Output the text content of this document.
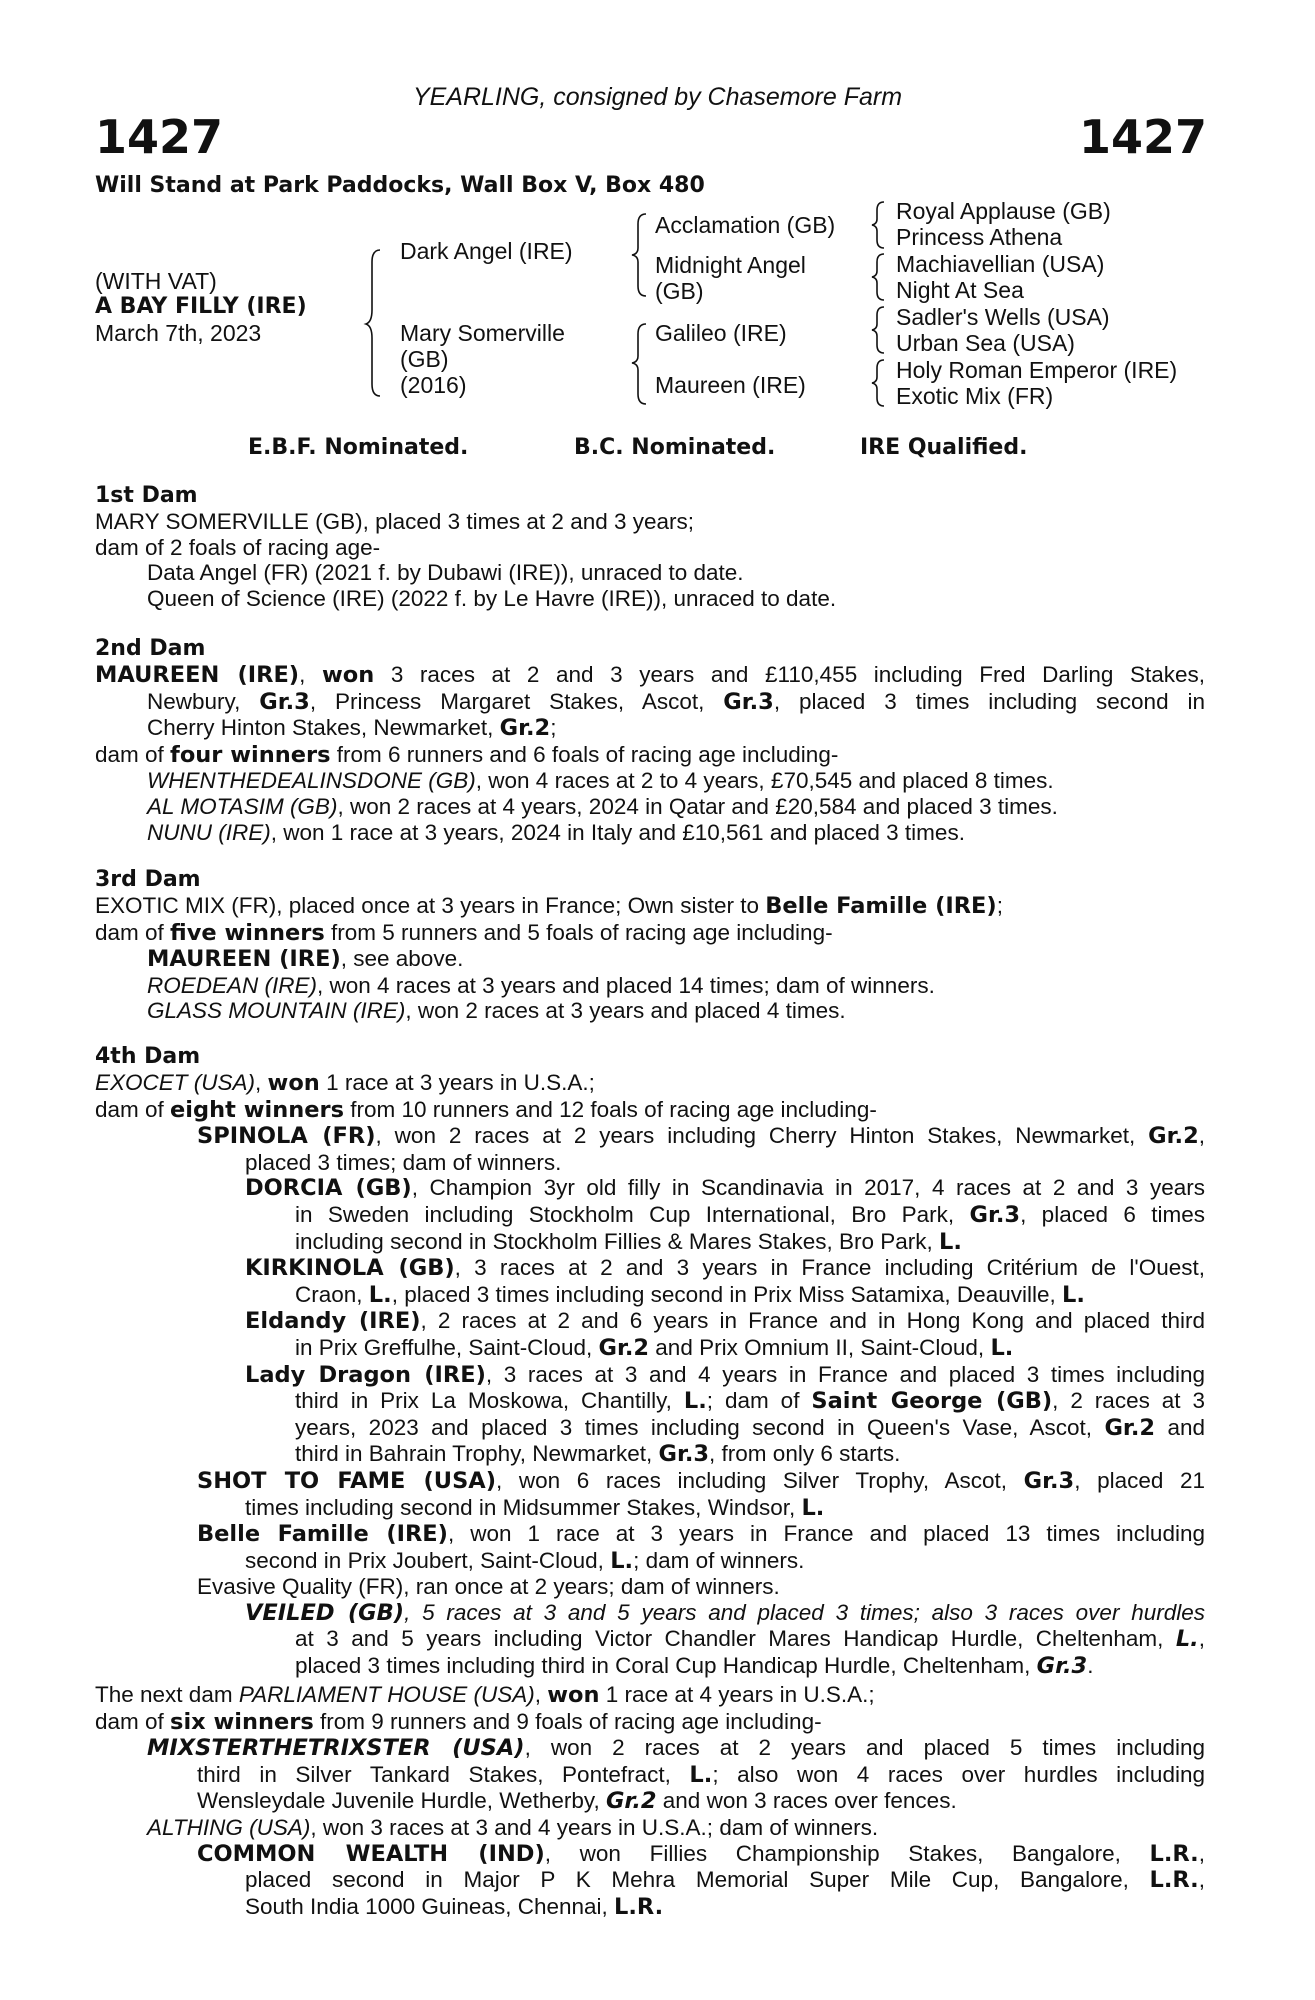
YEARLING, consigned by Chasemore Farm
1427	1427
Will Stand at Park Paddocks, Wall Box V, Box 480
(WITH VAT)
A BAY FILLY (IRE)
March 7th, 2023
Dark Angel (IRE)
Mary Somerville
(GB)
(2016)
Acclamation (GB)
Midnight Angel
(GB)
Galileo (IRE)
Maureen (IRE)
Royal Applause (GB)
Princess Athena
Machiavellian (USA)
Night At Sea
Sadler's Wells (USA)
Urban Sea (USA)
Holy Roman Emperor (IRE)
Exotic Mix (FR)
E.B.F. Nominated.	B.C. Nominated.	IRE Qualified.
1st Dam
MARY SOMERVILLE (GB), placed 3 times at 2 and 3 years;
dam of 2 foals of racing age-
Data Angel (FR) (2021 f. by Dubawi (IRE)), unraced to date.
Queen of Science (IRE) (2022 f. by Le Havre (IRE)), unraced to date.
2nd Dam
MAUREEN (IRE), won 3 races at 2 and 3 years and £110,455 including Fred Darling Stakes,
Newbury, Gr.3, Princess Margaret Stakes, Ascot, Gr.3, placed 3 times including second in
Cherry Hinton Stakes, Newmarket, Gr.2;
dam of four winners from 6 runners and 6 foals of racing age including-
WHENTHEDEALINSDONE (GB), won 4 races at 2 to 4 years, £70,545 and placed 8 times.
AL MOTASIM (GB), won 2 races at 4 years, 2024 in Qatar and £20,584 and placed 3 times.
NUNU (IRE), won 1 race at 3 years, 2024 in Italy and £10,561 and placed 3 times.
3rd Dam
EXOTIC MIX (FR), placed once at 3 years in France; Own sister to Belle Famille (IRE);
dam of five winners from 5 runners and 5 foals of racing age including-
MAUREEN (IRE), see above.
ROEDEAN (IRE), won 4 races at 3 years and placed 14 times; dam of winners.
GLASS MOUNTAIN (IRE), won 2 races at 3 years and placed 4 times.
4th Dam
EXOCET (USA), won 1 race at 3 years in U.S.A.;
dam of eight winners from 10 runners and 12 foals of racing age including-
SPINOLA (FR), won 2 races at 2 years including Cherry Hinton Stakes, Newmarket, Gr.2,
placed 3 times; dam of winners.
DORCIA (GB), Champion 3yr old filly in Scandinavia in 2017, 4 races at 2 and 3 years
in Sweden including Stockholm Cup International, Bro Park, Gr.3, placed 6 times
including second in Stockholm Fillies & Mares Stakes, Bro Park, L.
KIRKINOLA (GB), 3 races at 2 and 3 years in France including Critérium de l'Ouest,
Craon, L., placed 3 times including second in Prix Miss Satamixa, Deauville, L.
Eldandy (IRE), 2 races at 2 and 6 years in France and in Hong Kong and placed third
in Prix Greffulhe, Saint-Cloud, Gr.2 and Prix Omnium II, Saint-Cloud, L.
Lady Dragon (IRE), 3 races at 3 and 4 years in France and placed 3 times including
third in Prix La Moskowa, Chantilly, L.; dam of Saint George (GB), 2 races at 3
years, 2023 and placed 3 times including second in Queen's Vase, Ascot, Gr.2 and
third in Bahrain Trophy, Newmarket, Gr.3, from only 6 starts.
SHOT TO FAME (USA), won 6 races including Silver Trophy, Ascot, Gr.3, placed 21
times including second in Midsummer Stakes, Windsor, L.
Belle Famille (IRE), won 1 race at 3 years in France and placed 13 times including
second in Prix Joubert, Saint-Cloud, L.; dam of winners.
Evasive Quality (FR), ran once at 2 years; dam of winners.
VEILED (GB), 5 races at 3 and 5 years and placed 3 times; also 3 races over hurdles
at 3 and 5 years including Victor Chandler Mares Handicap Hurdle, Cheltenham, L.,
placed 3 times including third in Coral Cup Handicap Hurdle, Cheltenham, Gr.3.
The next dam PARLIAMENT HOUSE (USA), won 1 race at 4 years in U.S.A.;
dam of six winners from 9 runners and 9 foals of racing age including-
MIXSTERTHETRIXSTER (USA), won 2 races at 2 years and placed 5 times including
third in Silver Tankard Stakes, Pontefract, L.; also won 4 races over hurdles including
Wensleydale Juvenile Hurdle, Wetherby, Gr.2 and won 3 races over fences.
ALTHING (USA), won 3 races at 3 and 4 years in U.S.A.; dam of winners.
COMMON WEALTH (IND), won Fillies Championship Stakes, Bangalore, L.R.,
placed second in Major P K Mehra Memorial Super Mile Cup, Bangalore, L.R.,
South India 1000 Guineas, Chennai, L.R.
